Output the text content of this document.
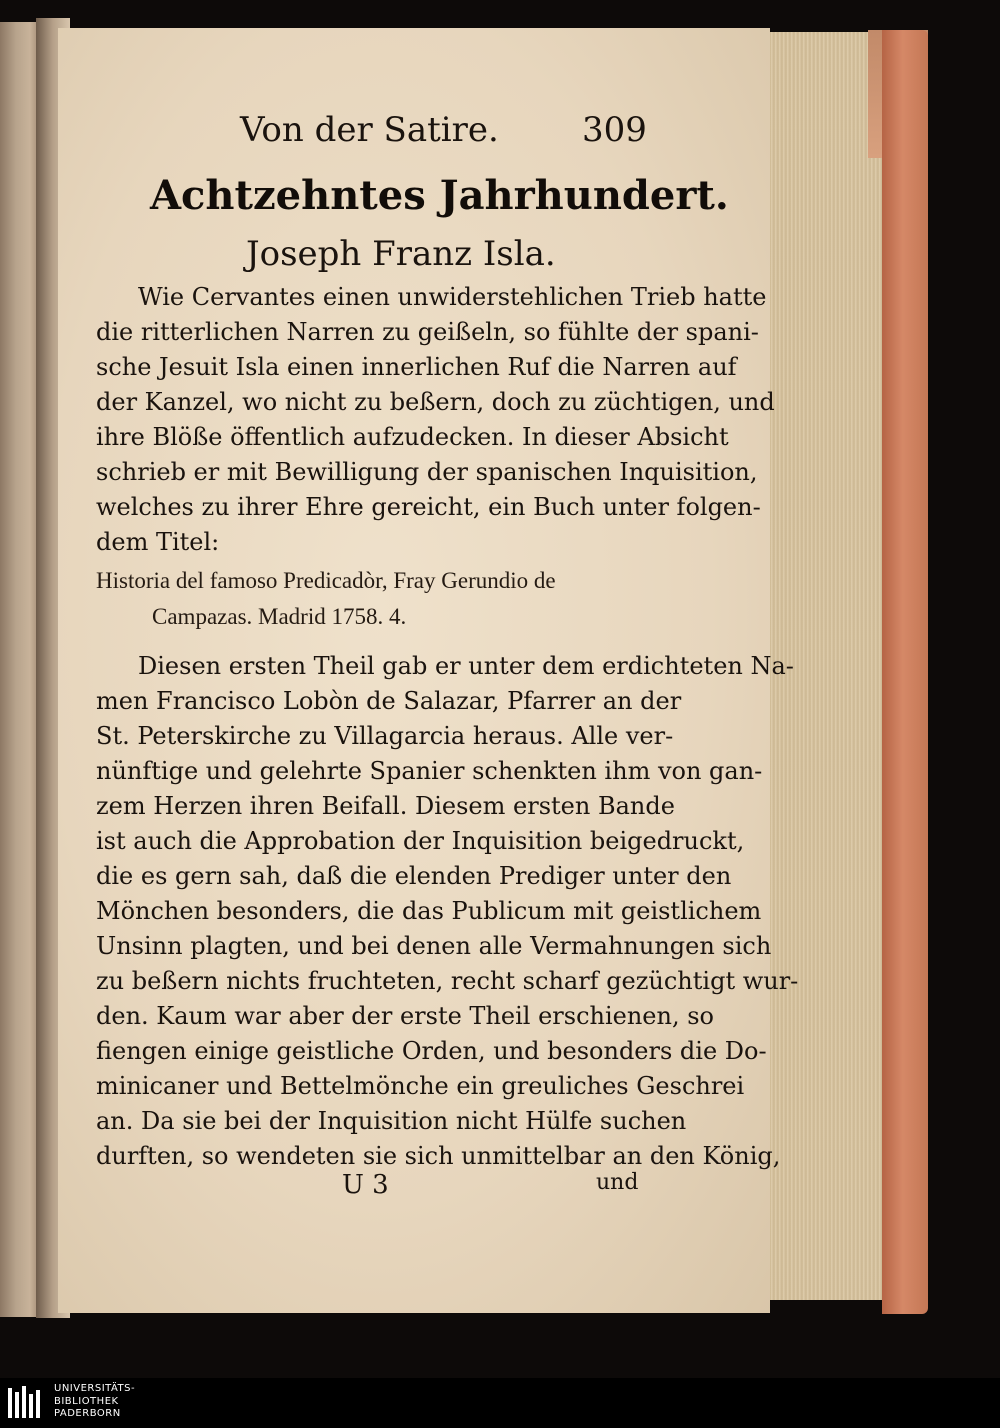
Von der Satire. 309
Achtzehntes Jahrhundert.
Joseph Franz Isla.
Wie Cervantes einen unwiderstehlichen Trieb hatte
die ritterlichen Narren zu geißeln, so fühlte der spani-
sche Jesuit Isla einen innerlichen Ruf die Narren auf
der Kanzel, wo nicht zu beßern, doch zu züchtigen, und
ihre Blöße öffentlich aufzudecken. In dieser Absicht
schrieb er mit Bewilligung der spanischen Inquisition,
welches zu ihrer Ehre gereicht, ein Buch unter folgen-
dem Titel:
Historia del famoso Predicadòr, Fray Gerundio de
Campazas. Madrid 1758. 4.
Diesen ersten Theil gab er unter dem erdichteten Na-
men Francisco Lobòn de Salazar, Pfarrer an der
St. Peterskirche zu Villagarcia heraus. Alle ver-
nünftige und gelehrte Spanier schenkten ihm von gan-
zem Herzen ihren Beifall. Diesem ersten Bande
ist auch die Approbation der Inquisition beigedruckt,
die es gern sah, daß die elenden Prediger unter den
Mönchen besonders, die das Publicum mit geistlichem
Unsinn plagten, und bei denen alle Vermahnungen sich
zu beßern nichts fruchteten, recht scharf gezüchtigt wur-
den. Kaum war aber der erste Theil erschienen, so
fiengen einige geistliche Orden, und besonders die Do-
minicaner und Bettelmönche ein greuliches Geschrei
an. Da sie bei der Inquisition nicht Hülfe suchen
durften, so wendeten sie sich unmittelbar an den König,
U 3	und
UNIVERSITÄTS-
BIBLIOTHEK
PADERBORN
